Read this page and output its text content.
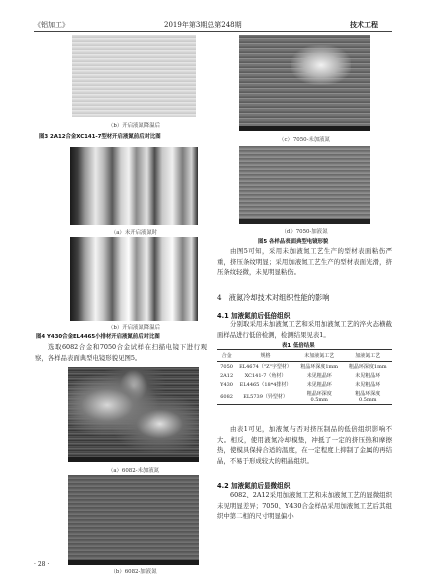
《铝加工》	2019年第3期总第248期	技术工程
（b）开启液氮降温后
图3 2A12合金XC141-7型材开启液氮前后对比图
（a）未开启液氮时
（b）开启液氮降温后
图4 Y430合金EL4465小排材开启液氮前后对比图
选取6082合金和7050合金试样在扫描电镜下进行观察，各样品表面典型电镜形貌见图5。
（a）6082-未加液氮
（b）6082-加液氮
（c）7050-未加液氮
（d）7050-加液氮
图5 各样品表面典型电镜形貌
由图5可知，采用未加液氮工艺生产的型材表面粘伤严重，挤压条纹明显；采用加液氮工艺生产的型材表面光滑，挤压条纹轻微，未见明显粘伤。
4　液氮冷却技术对组织性能的影响
4.1 加液氮前后低倍组织
分别取采用未加液氮工艺和采用加液氮工艺的淬火态横截面样品进行低倍检测，检测结果见表1。
表1 低倍结果
合金	规格	未加液氮工艺	加液氮工艺
7050	EL4674（"Z"字型材）	粗晶环深度1mm	粗晶环深度1mm
2A12	XC141-7（角材）	未见粗晶环	未见粗晶环
Y430	EL4465（18*4排材）	未见粗晶环	未见粗晶环
6082	EL5739（异型材）	粗晶环深度 0.5mm	粗晶环深度 0.5mm
由表1可见，加液氮与否对挤压制品的低倍组织影响不大。相反，使用液氮冷却模垫，冲抵了一定的挤压热和摩擦热，使模具保持合适的温度，在一定程度上抑制了金属的再结晶，不易于形成较大的粗晶组织。
4.2 加液氮前后显微组织
6082、2A12采用加液氮工艺和未加液氮工艺的显微组织未见明显差异；7050、Y430合金样品采用加液氮工艺后其组织中第二相的尺寸明显偏小
· 28 ·
